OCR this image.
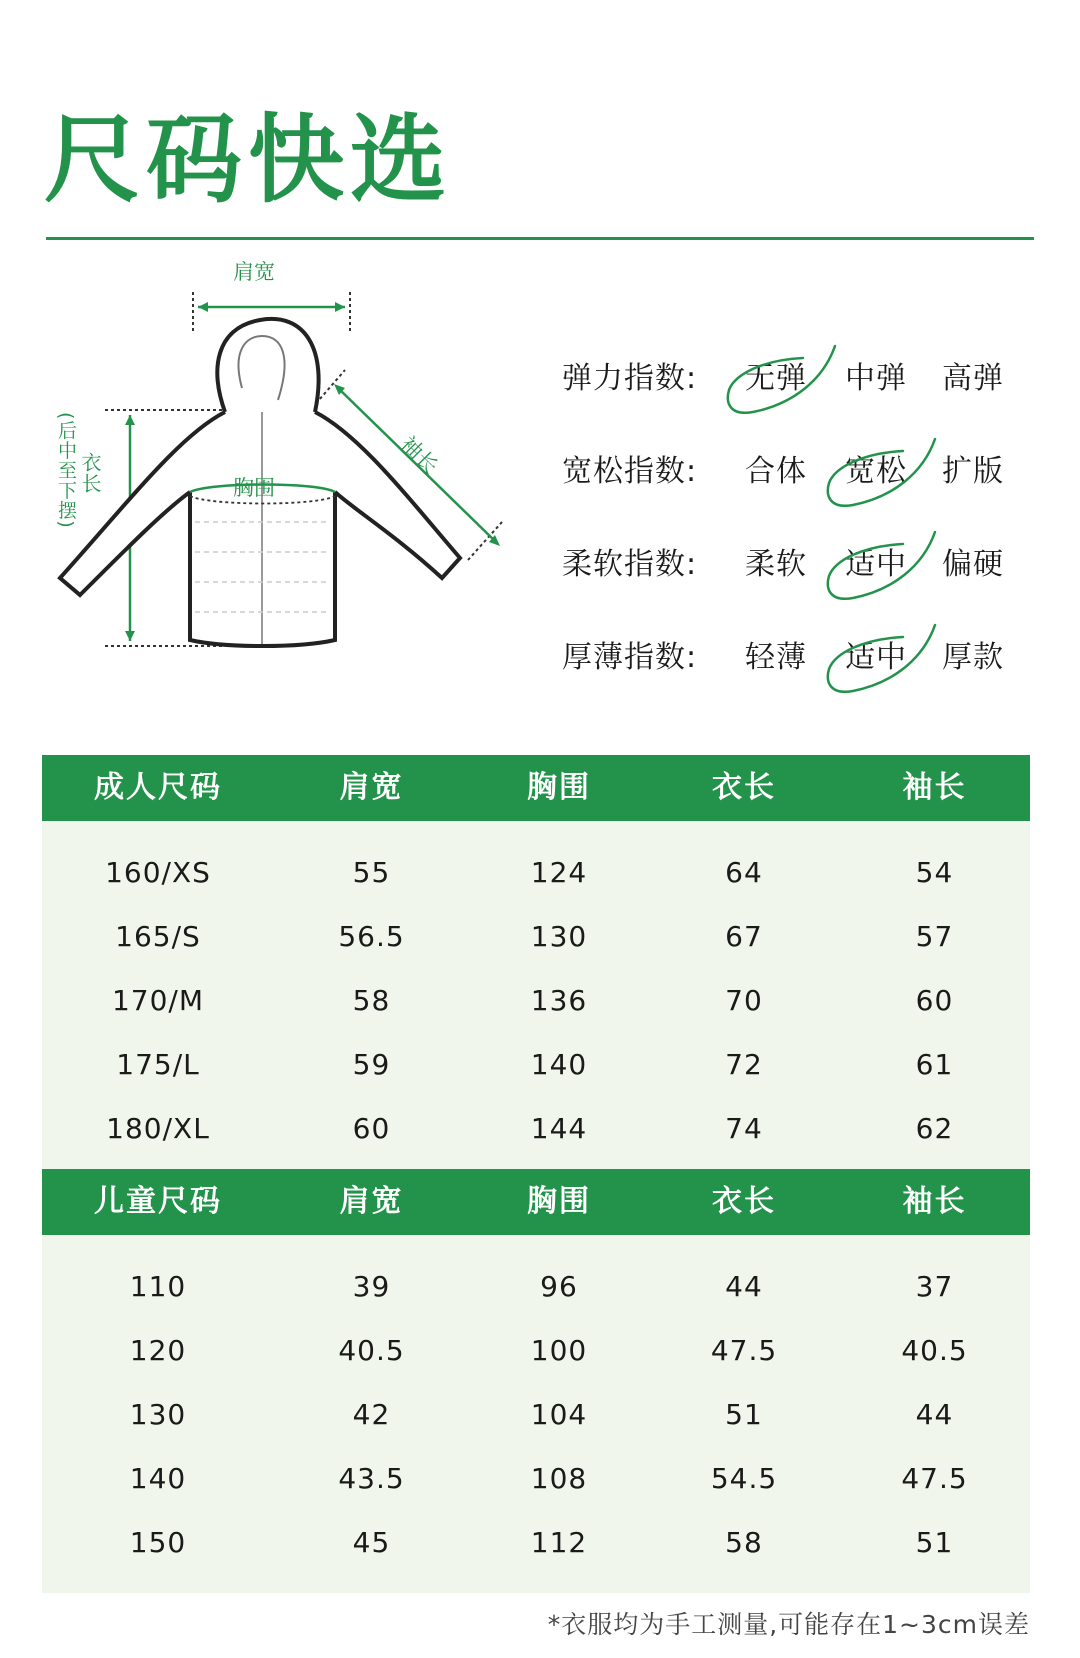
尺码快选
肩宽
胸围
袖长
衣长
(后中至下摆)
弹力指数: 无弹	中弹	高弹
宽松指数: 合体	宽松	扩版
柔软指数: 柔软	适中	偏硬
厚薄指数: 轻薄	适中	厚款
成人尺码	肩宽	胸围	衣长	袖长
160/XS	55	124	64	54
165/S	56.5	130	67	57
170/M	58	136	70	60
175/L	59	140	72	61
180/XL	60	144	74	62
儿童尺码	肩宽	胸围	衣长	袖长
110	39	96	44	37
120	40.5	100	47.5	40.5
130	42	104	51	44
140	43.5	108	54.5	47.5
150	45	112	58	51
*衣服均为手工测量,可能存在1~3cm误差
